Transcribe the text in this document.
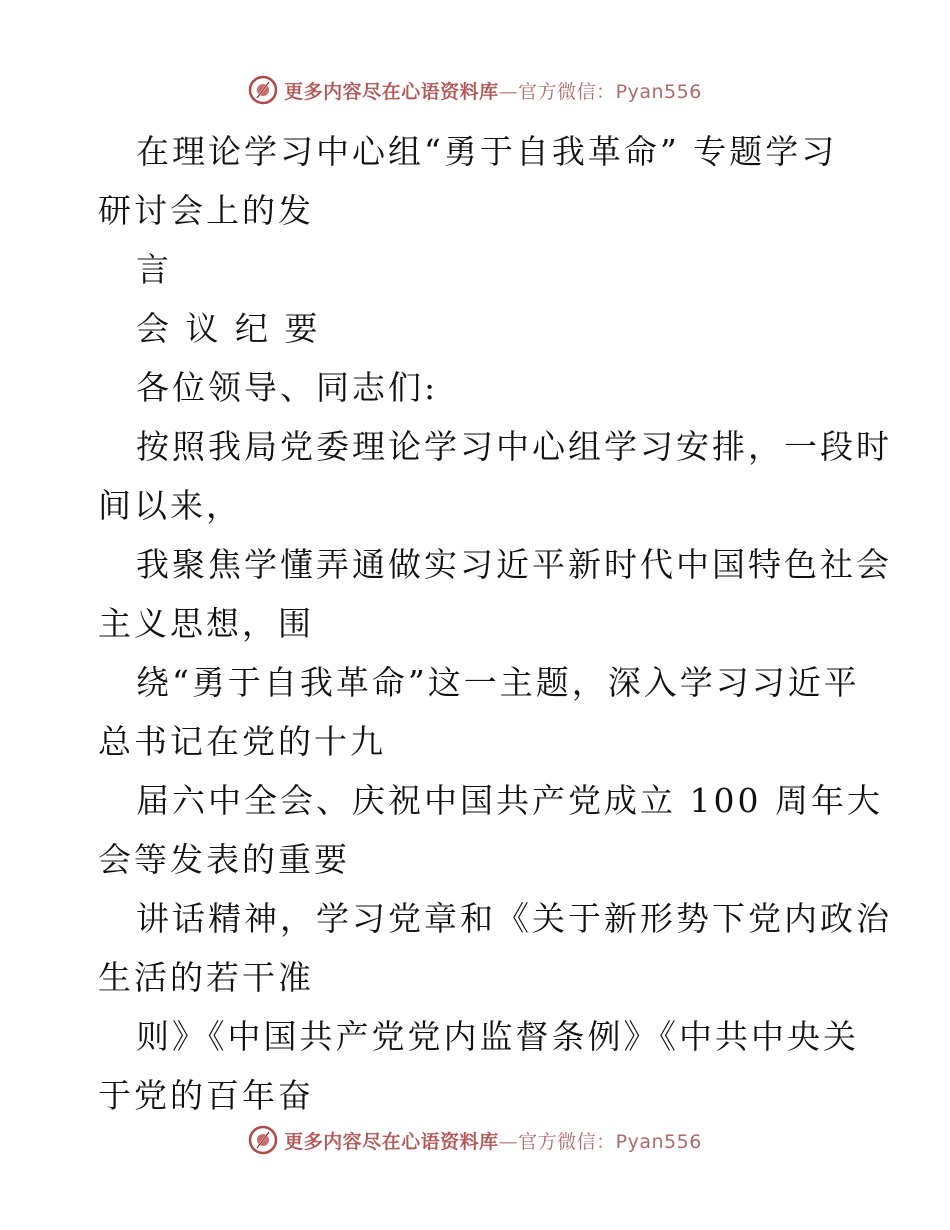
更多内容尽在心语资料库—官方微信：Pyan556
在理论学习中心组“勇于自我革命” 专题学习
研讨会上的发
言
会 议 纪 要
各位领导、同志们:
按照我局党委理论学习中心组学习安排，一段时
间以来，
我聚焦学懂弄通做实习近平新时代中国特色社会
主义思想，围
绕“勇于自我革命”这一主题，深入学习习近平
总书记在党的十九
届六中全会、庆祝中国共产党成立 100 周年大
会等发表的重要
讲话精神，学习党章和《关于新形势下党内政治
生活的若干准
则》《中国共产党党内监督条例》《中共中央关
于党的百年奋
更多内容尽在心语资料库—官方微信：Pyan556
